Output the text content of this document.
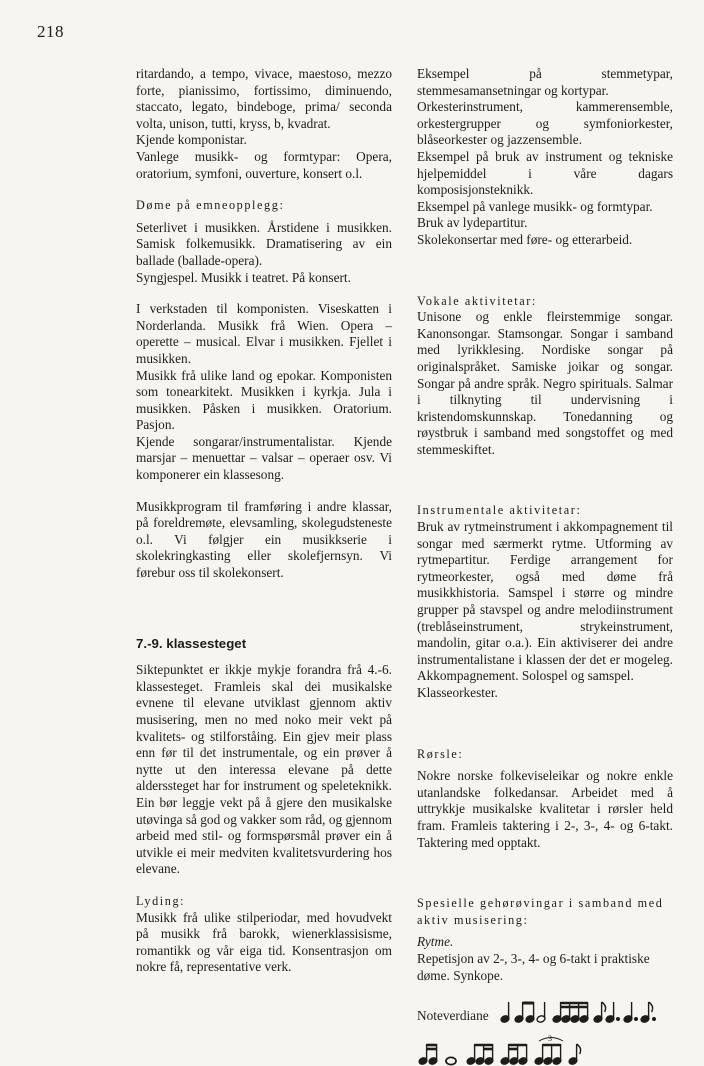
218

ritardando, a tempo, vivace, maestoso, mezzo forte, pianissimo, fortissimo, diminuendo, staccato, legato, bindeboge, prima/ seconda volta, unison, tutti, kryss, b, kvadrat.

Kjende komponistar.

Vanlege musikk- og formtypar: Opera, oratorium, symfoni, ouverture, konsert o.l.

Døme på emneopplegg:

Seterlivet i musikken. Årstidene i musikken. Samisk folkemusikk. Dramatisering av ein ballade (ballade-opera).

Syngjespel. Musikk i teatret. På konsert.

I verkstaden til komponisten. Viseskatten i Norderlanda. Musikk frå Wien. Opera – operette – musical. Elvar i musikken. Fjellet i musikken.

Musikk frå ulike land og epokar. Komponisten som tonearkitekt. Musikken i kyrkja. Jula i musikken. Påsken i musikken. Oratorium. Pasjon.

Kjende songarar/instrumentalistar. Kjende marsjar – menuettar – valsar – operaer osv. Vi komponerer ein klassesong.

Musikkprogram til framføring i andre klassar, på foreldremøte, elevsamling, skolegudsteneste o.l. Vi følgjer ein musikkserie i skolekringkasting eller skolefjernsyn. Vi førebur oss til skolekonsert.

7.-9. klassesteget

Siktepunktet er ikkje mykje forandra frå 4.-6. klassesteget. Framleis skal dei musikalske evnene til elevane utviklast gjennom aktiv musisering, men no med noko meir vekt på kvalitets- og stilforståing. Ein gjev meir plass enn før til det instrumentale, og ein prøver å nytte ut den interessa elevane på dette alderssteget har for instrument og speleteknikk. Ein bør leggje vekt på å gjere den musikalske utøvinga så god og vakker som råd, og gjennom arbeid med stil- og formspørsmål prøver ein å utvikle ei meir medviten kvalitetsvurdering hos elevane.

Lyding:

Musikk frå ulike stilperiodar, med hovudvekt på musikk frå barokk, wienerklassisisme, romantikk og vår eiga tid. Konsentrasjon om nokre få, representative verk.

Eksempel på stemmetypar, stemmesamansetningar og kortypar.

Orkesterinstrument, kammerensemble, orkestergrupper og symfoniorkester, blåseorkester og jazzensemble.

Eksempel på bruk av instrument og tekniske hjelpemiddel i våre dagars komposisjonsteknikk.

Eksempel på vanlege musikk- og formtypar.

Bruk av lydepartitur.

Skolekonsertar med føre- og etterarbeid.

Vokale aktivitetar:

Unisone og enkle fleirstemmige songar. Kanonsongar. Stamsongar. Songar i samband med lyrikklesing. Nordiske songar på originalspråket. Samiske joikar og songar. Songar på andre språk. Negro spirituals. Salmar i tilknyting til undervisning i kristendomskunnskap. Tonedanning og røystbruk i samband med songstoffet og med stemmeskiftet.

Instrumentale aktivitetar:

Bruk av rytmeinstrument i akkompagnement til songar med særmerkt rytme. Utforming av rytmepartitur. Ferdige arrangement for rytmeorkester, også med døme frå musikkhistoria. Samspel i større og mindre grupper på stavspel og andre melodiinstrument (treblåseinstrument, strykeinstrument, mandolin, gitar o.a.). Ein aktiviserer dei andre instrumentalistane i klassen der det er mogeleg. Akkompagnement. Solospel og samspel.

Klasseorkester.

Rørsle:

Nokre norske folkeviseleikar og nokre enkle utanlandske folkedansar. Arbeidet med å uttrykkje musikalske kvalitetar i rørsler held fram. Framleis taktering i 2-, 3-, 4- og 6-takt. Taktering med opptakt.

Spesielle gehørøvingar i samband med aktiv musisering:

Rytme.

Repetisjon av 2-, 3-, 4- og 6-takt i praktiske døme. Synkope.

Noteverdiane
3
